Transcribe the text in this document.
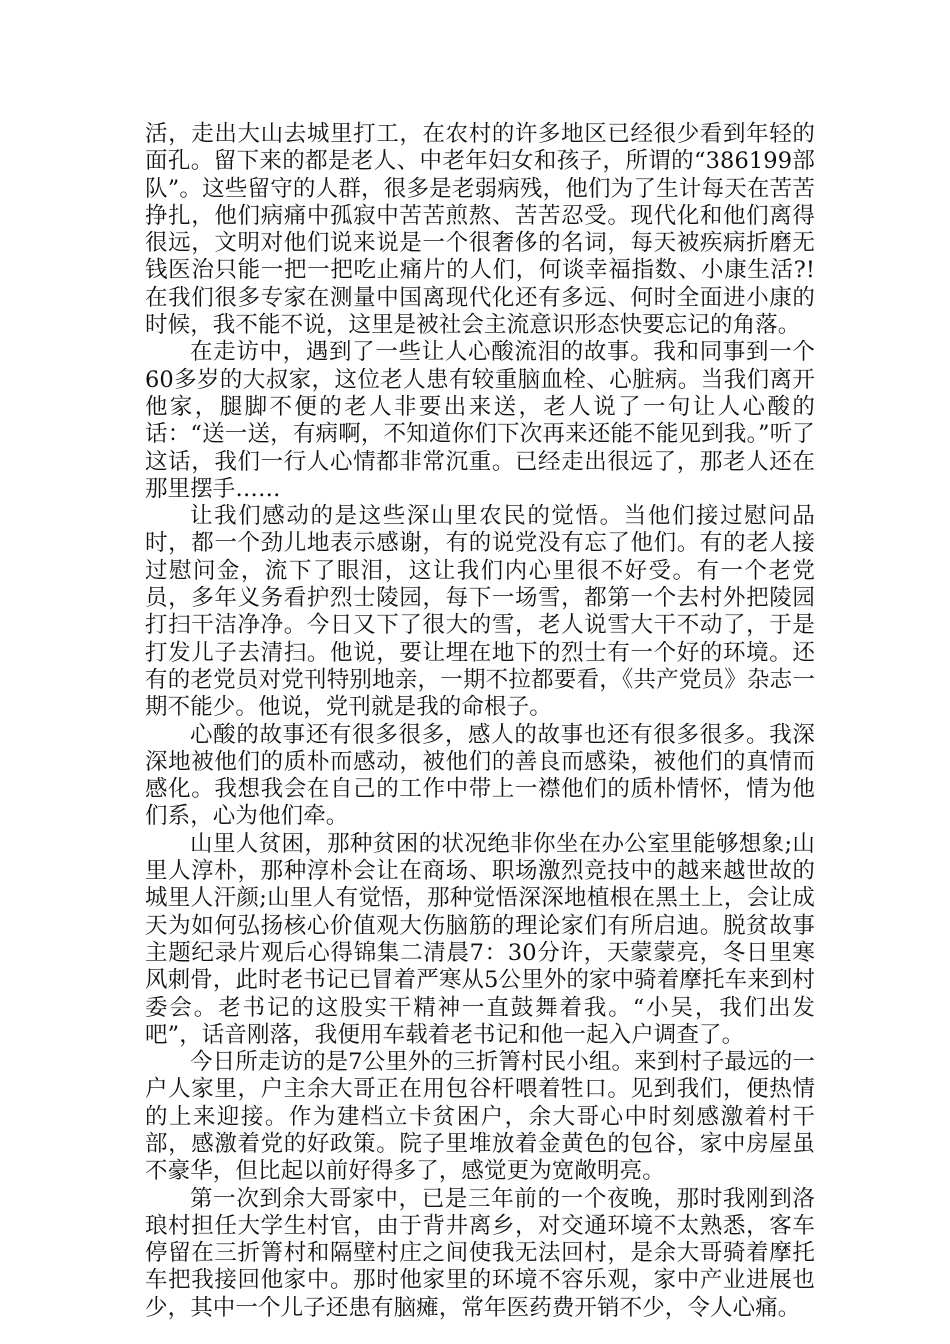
活，走出大山去城里打工，在农村的许多地区已经很少看到年轻的面孔。留下来的都是老人、中老年妇女和孩子，所谓的“386199部队”。这些留守的人群，很多是老弱病残，他们为了生计每天在苦苦挣扎，他们病痛中孤寂中苦苦煎熬、苦苦忍受。现代化和他们离得很远，文明对他们说来说是一个很奢侈的名词，每天被疾病折磨无钱医治只能一把一把吃止痛片的人们，何谈幸福指数、小康生活?!在我们很多专家在测量中国离现代化还有多远、何时全面进小康的时候，我不能不说，这里是被社会主流意识形态快要忘记的角落。

在走访中，遇到了一些让人心酸流泪的故事。我和同事到一个60多岁的大叔家，这位老人患有较重脑血栓、心脏病。当我们离开他家，腿脚不便的老人非要出来送，老人说了一句让人心酸的话：“送一送，有病啊，不知道你们下次再来还能不能见到我。”听了这话，我们一行人心情都非常沉重。已经走出很远了，那老人还在那里摆手……

让我们感动的是这些深山里农民的觉悟。当他们接过慰问品时，都一个劲儿地表示感谢，有的说党没有忘了他们。有的老人接过慰问金，流下了眼泪，这让我们内心里很不好受。有一个老党员，多年义务看护烈士陵园，每下一场雪，都第一个去村外把陵园打扫干洁净净。今日又下了很大的雪，老人说雪大干不动了，于是打发儿子去清扫。他说，要让埋在地下的烈士有一个好的环境。还有的老党员对党刊特别地亲，一期不拉都要看，《共产党员》杂志一期不能少。他说，党刊就是我的命根子。

心酸的故事还有很多很多，感人的故事也还有很多很多。我深深地被他们的质朴而感动，被他们的善良而感染，被他们的真情而感化。我想我会在自己的工作中带上一襟他们的质朴情怀，情为他们系，心为他们牵。

山里人贫困，那种贫困的状况绝非你坐在办公室里能够想象;山里人淳朴，那种淳朴会让在商场、职场激烈竞技中的越来越世故的城里人汗颜;山里人有觉悟，那种觉悟深深地植根在黑土上，会让成天为如何弘扬核心价值观大伤脑筋的理论家们有所启迪。脱贫故事主题纪录片观后心得锦集二清晨7：30分许，天蒙蒙亮，冬日里寒风刺骨，此时老书记已冒着严寒从5公里外的家中骑着摩托车来到村委会。老书记的这股实干精神一直鼓舞着我。“小吴，我们出发吧”，话音刚落，我便用车载着老书记和他一起入户调查了。

今日所走访的是7公里外的三折箐村民小组。来到村子最远的一户人家里，户主余大哥正在用包谷杆喂着牲口。见到我们，便热情的上来迎接。作为建档立卡贫困户，余大哥心中时刻感激着村干部，感激着党的好政策。院子里堆放着金黄色的包谷，家中房屋虽不豪华，但比起以前好得多了，感觉更为宽敞明亮。

第一次到余大哥家中，已是三年前的一个夜晚，那时我刚到洛琅村担任大学生村官，由于背井离乡，对交通环境不太熟悉，客车停留在三折箐村和隔壁村庄之间使我无法回村，是余大哥骑着摩托车把我接回他家中。那时他家里的环境不容乐观，家中产业进展也少，其中一个儿子还患有脑瘫，常年医药费开销不少，令人心痛。
